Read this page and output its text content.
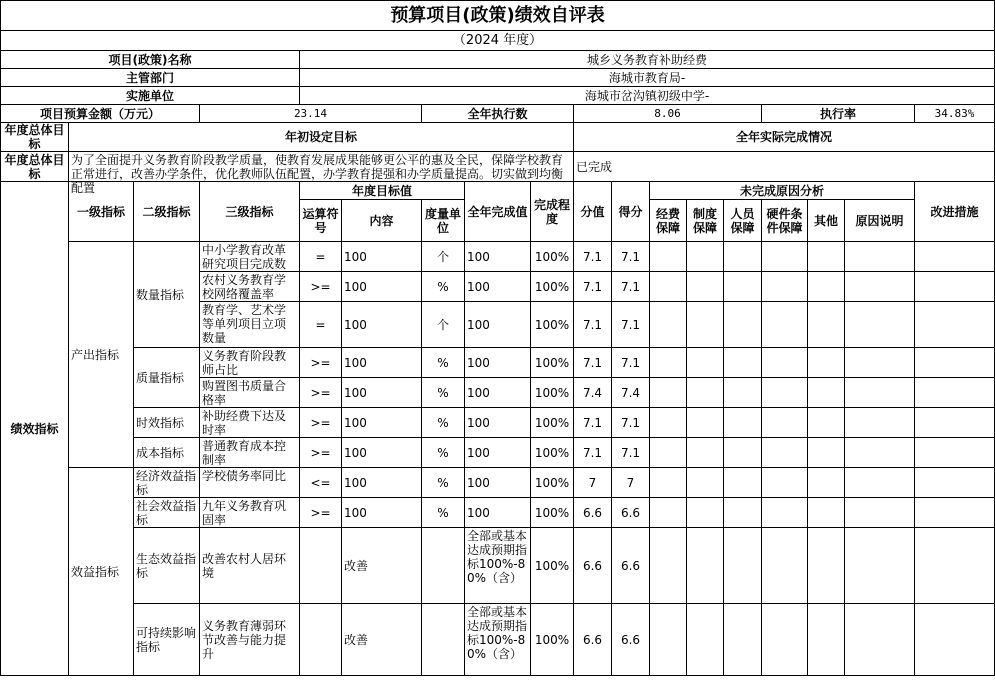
预算项目(政策)绩效自评表																	
（2024 年度）																	
项目(政策)名称				城乡义务教育补助经费													
主管部门				海城市教育局-													
实施单位				海城市岔沟镇初级中学-													
项目预算金额（万元）			23.14			全年执行数			8.06					执行率			34.83%

年度总体目标	年初设定目标								全年实际完成情况								

年度总体目标	为了全面提升义务教育阶段教学质量，使教育发展成果能够更公平的惠及全民，保障学校教育正常进行，改善办学条件，优化教师队伍配置，办学教育提强和办学质量提高。切实做到均衡配置								已完成								
绩效指标	一级指标	二级指标	三级指标	年度目标值			全年完成值	完成程度	分值	得分	未完成原因分析						改进措施
				运算符号	内容	度量单位					经费保障	制度保障	人员保障	硬件条件保障	其他	原因说明	
	产出指标	数量指标	中小学教育改革研究项目完成数	=	100	个	100	100%	7.1	7.1							

			农村义务教育学校网络覆盖率	>=	100	%	100	100%	7.1	7.1							

			教育学、艺术学等单列项目立项数量	=	100	个	100	100%	7.1	7.1							
		质量指标	义务教育阶段教师占比	>=	100	%	100	100%	7.1	7.1							

			购置图书质量合格率	>=	100	%	100	100%	7.4	7.4							
		时效指标	补助经费下达及时率	>=	100	%	100	100%	7.1	7.1							
		成本指标	普通教育成本控制率	>=	100	%	100	100%	7.1	7.1							
	效益指标	经济效益指标	学校债务率同比	<=	100	%	100	100%	7	7							

		社会效益指标	九年义务教育巩固率	>=	100	%	100	100%	6.6	6.6							
		生态效益指标	改善农村人居环境		改善		全部或基本达成预期指标100%-80%（含）	100%	6.6	6.6							
		可持续影响指标	义务教育薄弱环节改善与能力提升		改善		全部或基本达成预期指标100%-80%（含）	100%	6.6	6.6							
